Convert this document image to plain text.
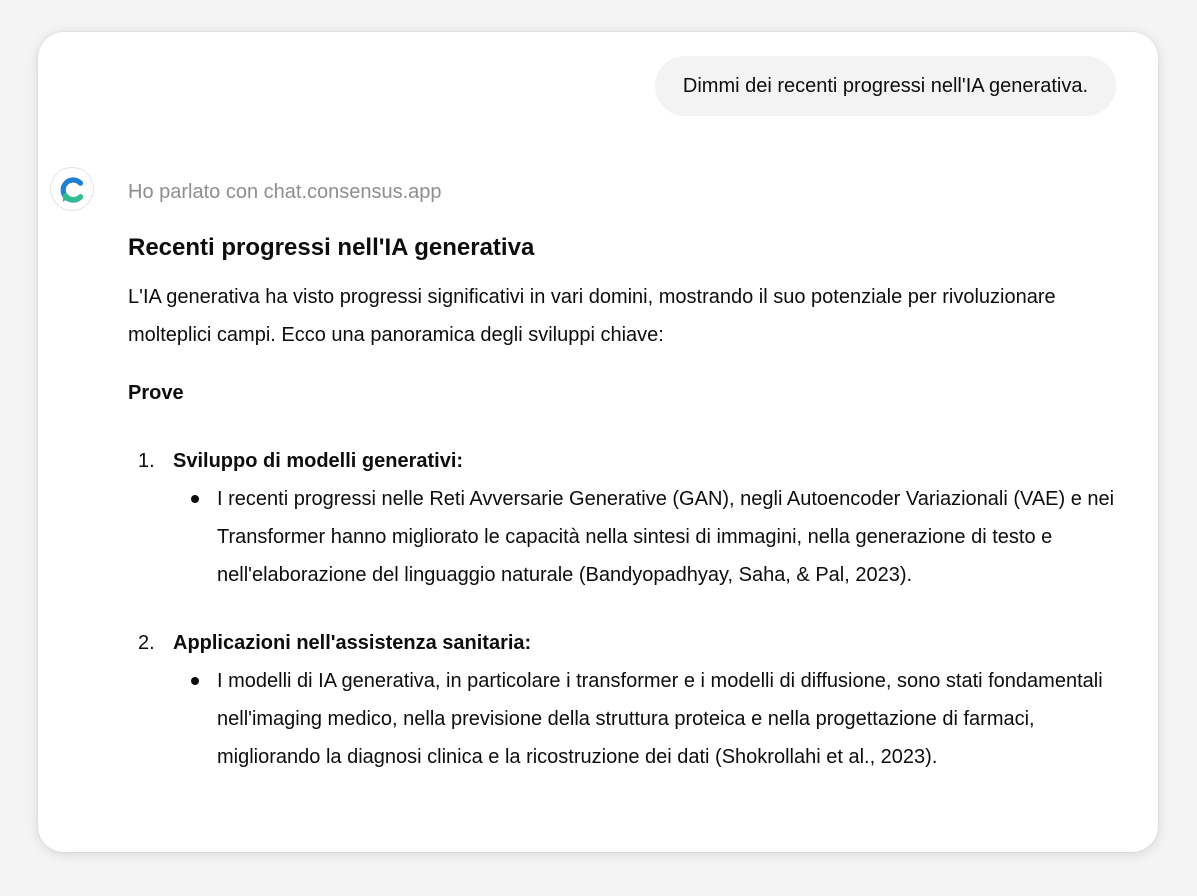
Dimmi dei recenti progressi nell'IA generativa.
Ho parlato con chat.consensus.app
Recenti progressi nell'IA generativa
L'IA generativa ha visto progressi significativi in vari domini, mostrando il suo potenziale per rivoluzionare molteplici campi. Ecco una panoramica degli sviluppi chiave:
Prove
1. Sviluppo di modelli generativi:
I recenti progressi nelle Reti Avversarie Generative (GAN), negli Autoencoder Variazionali (VAE) e nei Transformer hanno migliorato le capacità nella sintesi di immagini, nella generazione di testo e nell'elaborazione del linguaggio naturale (Bandyopadhyay, Saha, & Pal, 2023).
2. Applicazioni nell'assistenza sanitaria:
I modelli di IA generativa, in particolare i transformer e i modelli di diffusione, sono stati fondamentali nell'imaging medico, nella previsione della struttura proteica e nella progettazione di farmaci, migliorando la diagnosi clinica e la ricostruzione dei dati (Shokrollahi et al., 2023).
